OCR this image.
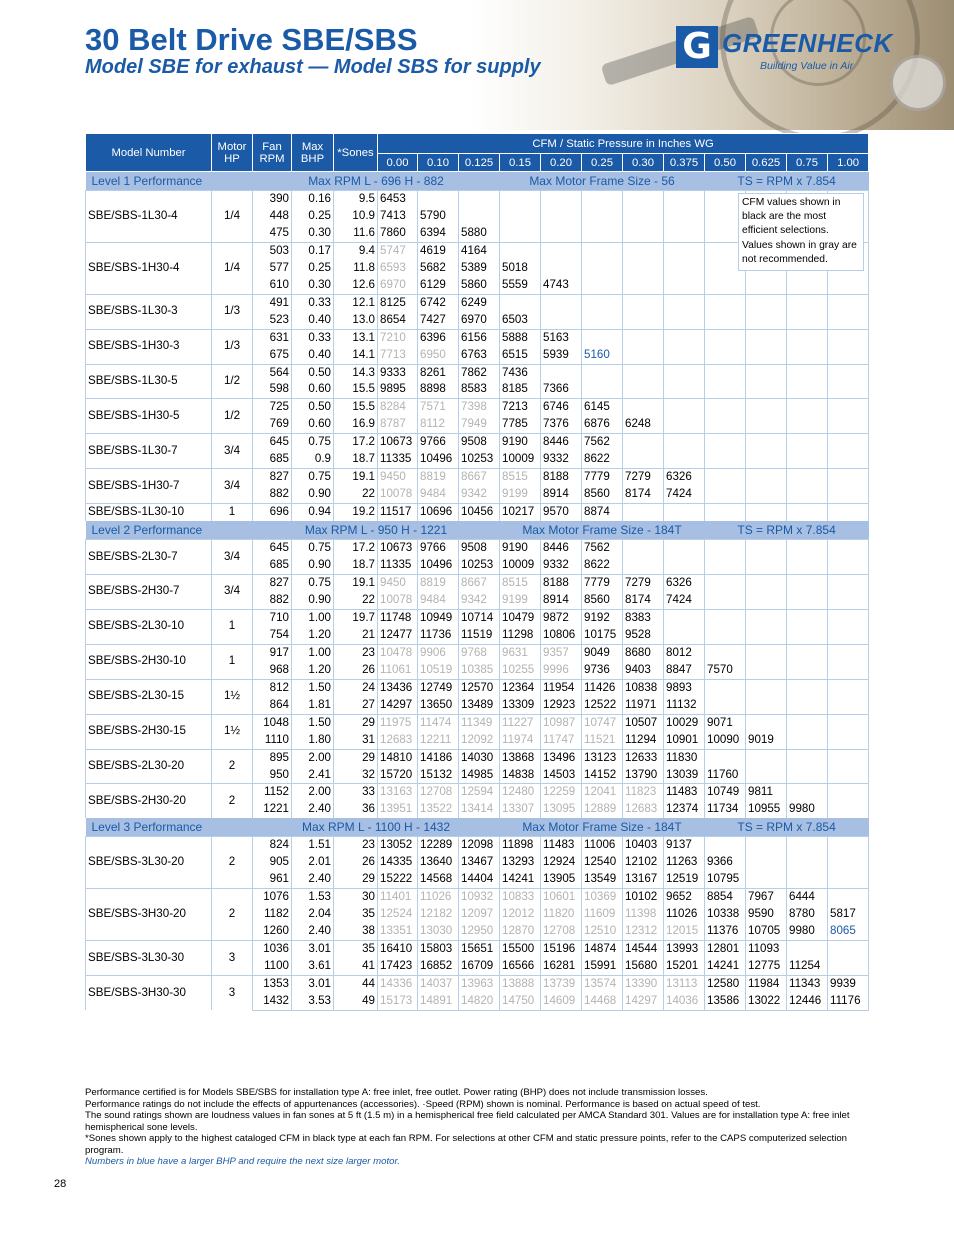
30 Belt Drive SBE/SBS
Model SBE for exhaust — Model SBS for supply	G GREENHECK
Building Value in Air
Model Number	Motor HP	Fan RPM	Max BHP	*Sones	CFM / Static Pressure in Inches WG											
					0.00	0.10	0.125	0.15	0.20	0.25	0.30	0.375	0.50	0.625	0.75	1.00
Level 1 Performance		Max RPM L - 696 H - 882						Max Motor Frame Size - 56					TS = RPM x 7.854			
SBE/SBS-1L30-4	1/4	390	0.16	9.5	6453											
		448	0.25	10.9	7413	5790										
		475	0.30	11.6	7860	6394	5880									
SBE/SBS-1H30-4	1/4	503	0.17	9.4	5747	4619	4164									
		577	0.25	11.8	6593	5682	5389	5018								
		610	0.30	12.6	6970	6129	5860	5559	4743							
SBE/SBS-1L30-3	1/3	491	0.33	12.1	8125	6742	6249									
		523	0.40	13.0	8654	7427	6970	6503								
SBE/SBS-1H30-3	1/3	631	0.33	13.1	7210	6396	6156	5888	5163							
		675	0.40	14.1	7713	6950	6763	6515	5939	5160						
SBE/SBS-1L30-5	1/2	564	0.50	14.3	9333	8261	7862	7436								
		598	0.60	15.5	9895	8898	8583	8185	7366							
SBE/SBS-1H30-5	1/2	725	0.50	15.5	8284	7571	7398	7213	6746	6145						
		769	0.60	16.9	8787	8112	7949	7785	7376	6876	6248					
SBE/SBS-1L30-7	3/4	645	0.75	17.2	10673	9766	9508	9190	8446	7562						
		685	0.9	18.7	11335	10496	10253	10009	9332	8622						
SBE/SBS-1H30-7	3/4	827	0.75	19.1	9450	8819	8667	8515	8188	7779	7279	6326				
		882	0.90	22	10078	9484	9342	9199	8914	8560	8174	7424				
SBE/SBS-1L30-10	1	696	0.94	19.2	11517	10696	10456	10217	9570	8874						
Level 2 Performance		Max RPM L - 950 H - 1221						Max Motor Frame Size - 184T					TS = RPM x 7.854			
SBE/SBS-2L30-7	3/4	645	0.75	17.2	10673	9766	9508	9190	8446	7562						
		685	0.90	18.7	11335	10496	10253	10009	9332	8622						
SBE/SBS-2H30-7	3/4	827	0.75	19.1	9450	8819	8667	8515	8188	7779	7279	6326				
		882	0.90	22	10078	9484	9342	9199	8914	8560	8174	7424				
SBE/SBS-2L30-10	1	710	1.00	19.7	11748	10949	10714	10479	9872	9192	8383					
		754	1.20	21	12477	11736	11519	11298	10806	10175	9528					
SBE/SBS-2H30-10	1	917	1.00	23	10478	9906	9768	9631	9357	9049	8680	8012				
		968	1.20	26	11061	10519	10385	10255	9996	9736	9403	8847	7570			
SBE/SBS-2L30-15	1½	812	1.50	24	13436	12749	12570	12364	11954	11426	10838	9893				
		864	1.81	27	14297	13650	13489	13309	12923	12522	11971	11132				
SBE/SBS-2H30-15	1½	1048	1.50	29	11975	11474	11349	11227	10987	10747	10507	10029	9071			
		1110	1.80	31	12683	12211	12092	11974	11747	11521	11294	10901	10090	9019		
SBE/SBS-2L30-20	2	895	2.00	29	14810	14186	14030	13868	13496	13123	12633	11830				
		950	2.41	32	15720	15132	14985	14838	14503	14152	13790	13039	11760			
SBE/SBS-2H30-20	2	1152	2.00	33	13163	12708	12594	12480	12259	12041	11823	11483	10749	9811		
		1221	2.40	36	13951	13522	13414	13307	13095	12889	12683	12374	11734	10955	9980	
Level 3 Performance		Max RPM L - 1100 H - 1432						Max Motor Frame Size - 184T					TS = RPM x 7.854			
SBE/SBS-3L30-20	2	824	1.51	23	13052	12289	12098	11898	11483	11006	10403	9137				
		905	2.01	26	14335	13640	13467	13293	12924	12540	12102	11263	9366			
		961	2.40	29	15222	14568	14404	14241	13905	13549	13167	12519	10795			
SBE/SBS-3H30-20	2	1076	1.53	30	11401	11026	10932	10833	10601	10369	10102	9652	8854	7967	6444	
		1182	2.04	35	12524	12182	12097	12012	11820	11609	11398	11026	10338	9590	8780	5817
		1260	2.40	38	13351	13030	12950	12870	12708	12510	12312	12015	11376	10705	9980	8065
SBE/SBS-3L30-30	3	1036	3.01	35	16410	15803	15651	15500	15196	14874	14544	13993	12801	11093		
		1100	3.61	41	17423	16852	16709	16566	16281	15991	15680	15201	14241	12775	11254	
SBE/SBS-3H30-30	3	1353	3.01	44	14336	14037	13963	13888	13739	13574	13390	13113	12580	11984	11343	9939
		1432	3.53	49	15173	14891	14820	14750	14609	14468	14297	14036	13586	13022	12446	11176
CFM values shown in black are the most efficient selections. Values shown in gray are not recommended.

Performance certified is for Models SBE/SBS for installation type A: free inlet, free outlet. Power rating (BHP) does not include transmission losses.

Performance ratings do not include the effects of appurtenances (accessories). ·Speed (RPM) shown is nominal. Performance is based on actual speed of test.

The sound ratings shown are loudness values in fan sones at 5 ft (1.5 m) in a hemispherical free field calculated per AMCA Standard 301. Values are for installation type A: free inlet hemispherical sone levels.

*Sones shown apply to the highest cataloged CFM in black type at each fan RPM. For selections at other CFM and static pressure points, refer to the CAPS computerized selection program.

Numbers in blue have a larger BHP and require the next size larger motor.

28
